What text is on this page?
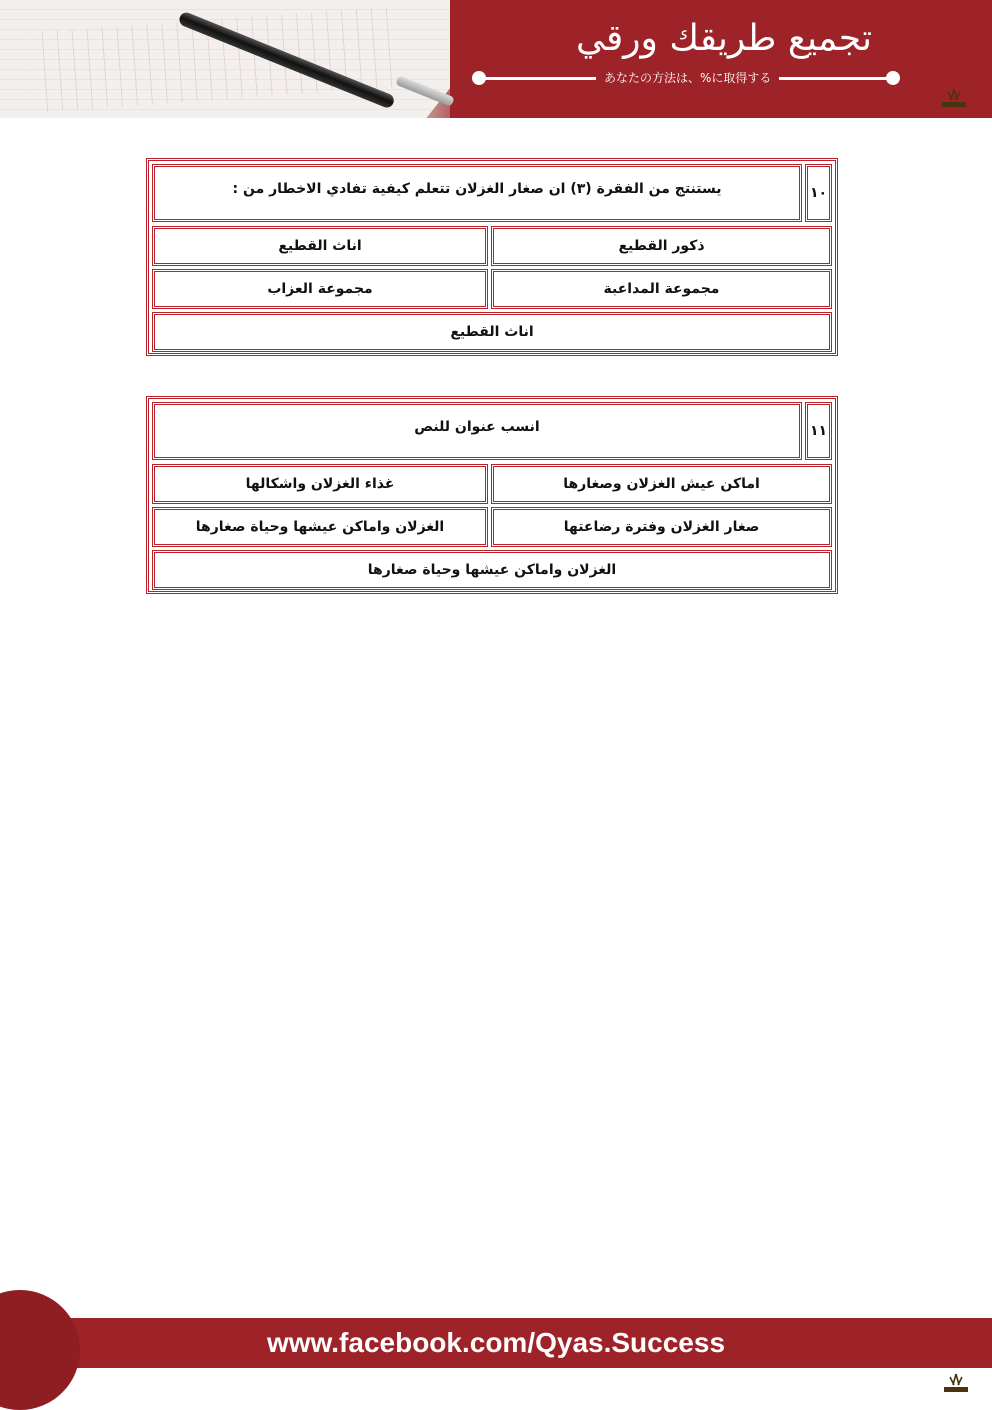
تجميع طريقك ورقي
あなたの方法は、%に取得する
١٠
يستنتج من الفقرة (٣) ان صغار الغزلان تتعلم كيفية تفادي الاخطار من :
ذكور القطيع
اناث القطيع
مجموعة المداعبة
مجموعة العزاب
اناث القطيع
١١
انسب عنوان للنص
اماكن عيش الغزلان وصغارها
غذاء الغزلان واشكالها
صغار الغزلان وفترة رضاعتها
الغزلان واماكن عيشها وحياة صغارها
الغزلان واماكن عيشها وحياة صغارها
www.facebook.com/Qyas.Success
